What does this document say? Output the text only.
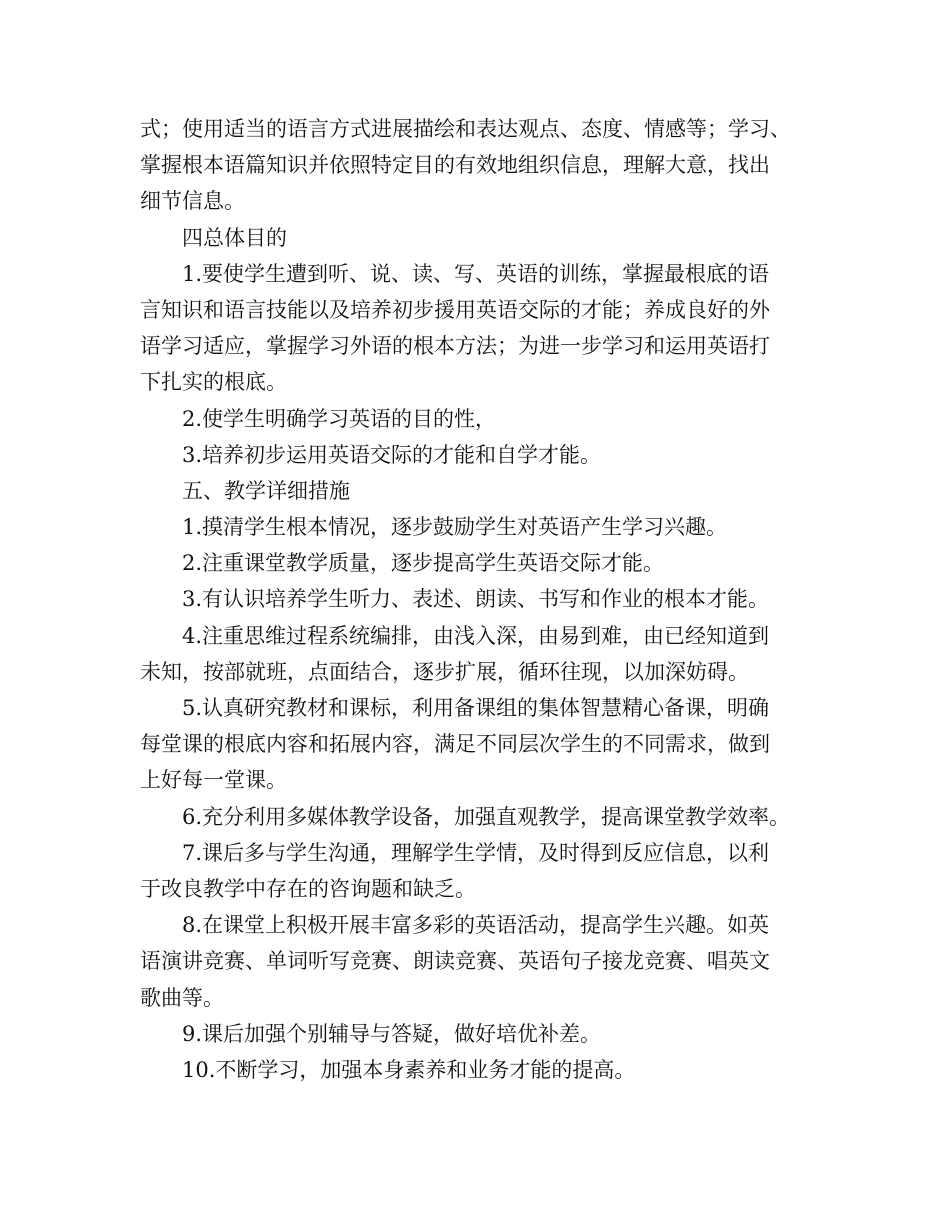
式；使用适当的语言方式进展描绘和表达观点、态度、情感等；学习、

掌握根本语篇知识并依照特定目的有效地组织信息，理解大意，找出

细节信息。

四总体目的

1.要使学生遭到听、说、读、写、英语的训练，掌握最根底的语

言知识和语言技能以及培养初步援用英语交际的才能；养成良好的外

语学习适应，掌握学习外语的根本方法；为进一步学习和运用英语打

下扎实的根底。

2.使学生明确学习英语的目的性，

3.培养初步运用英语交际的才能和自学才能。

五、教学详细措施

1.摸清学生根本情况，逐步鼓励学生对英语产生学习兴趣。

2.注重课堂教学质量，逐步提高学生英语交际才能。

3.有认识培养学生听力、表述、朗读、书写和作业的根本才能。

4.注重思维过程系统编排，由浅入深，由易到难，由已经知道到

未知，按部就班，点面结合，逐步扩展，循环往现，以加深妨碍。

5.认真研究教材和课标，利用备课组的集体智慧精心备课，明确

每堂课的根底内容和拓展内容，满足不同层次学生的不同需求，做到

上好每一堂课。

6.充分利用多媒体教学设备，加强直观教学，提高课堂教学效率。

7.课后多与学生沟通，理解学生学情，及时得到反应信息，以利

于改良教学中存在的咨询题和缺乏。

8.在课堂上积极开展丰富多彩的英语活动，提高学生兴趣。如英

语演讲竞赛、单词听写竞赛、朗读竞赛、英语句子接龙竞赛、唱英文

歌曲等。

9.课后加强个别辅导与答疑，做好培优补差。

10.不断学习，加强本身素养和业务才能的提高。
